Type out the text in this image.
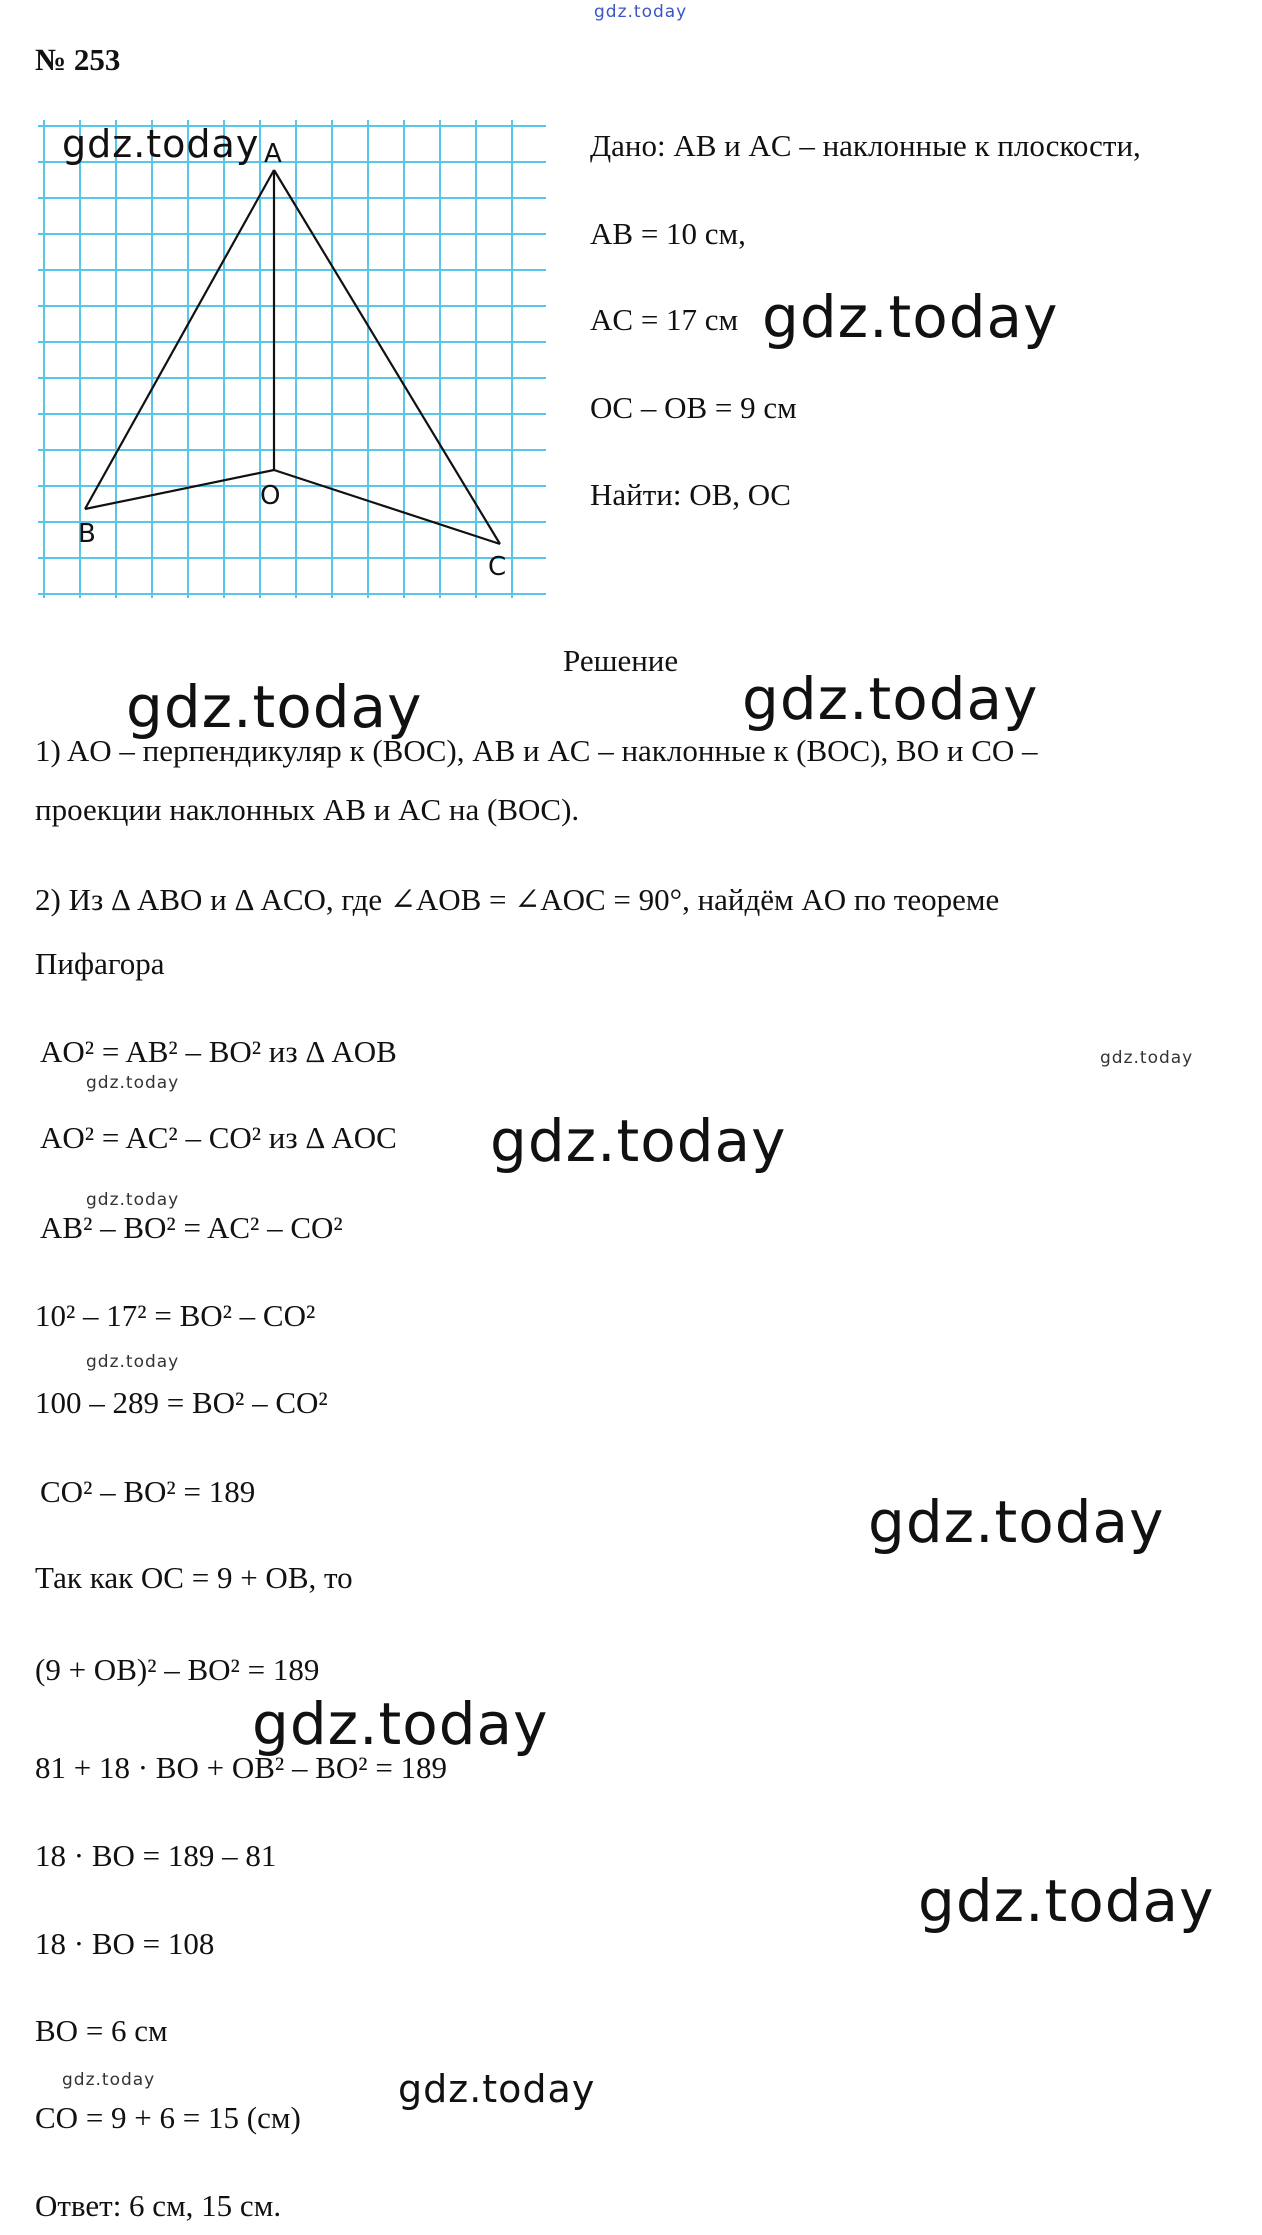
gdz.today
№ 253
A
B
O
C
gdz.today	Дано: AB и AC – наклонные к плоскости,
AB = 10 см,
AC = 17 см
OC – OB = 9 см
Найти: OB, OC
gdz.today
Решение
gdz.today	gdz.today
1) AO – перпендикуляр к (BOC), AB и AC – наклонные к (BOC), BO и CO –
проекции наклонных AB и AC на (BOC).
2) Из Δ ABO и Δ ACO, где ∠AOB = ∠AOC = 90°, найдём AO по теореме
Пифагора
AO² = AB² – BO² из Δ AOB	gdz.today
gdz.today
AO² = AC² – CO² из Δ AOC gdz.today
gdz.today
AB² – BO² = AC² – CO²
10² – 17² = BO² – CO²
gdz.today
100 – 289 = BO² – CO²
CO² – BO² = 189	gdz.today
Так как OC = 9 + OB, то
(9 + OB)² – BO² = 189
gdz.today
81 + 18 · BO + OB² – BO² = 189
18 · BO = 189 – 81
gdz.today
18 · BO = 108
BO = 6 см
gdz.today	gdz.today
CO = 9 + 6 = 15 (см)
Ответ: 6 см, 15 см.
